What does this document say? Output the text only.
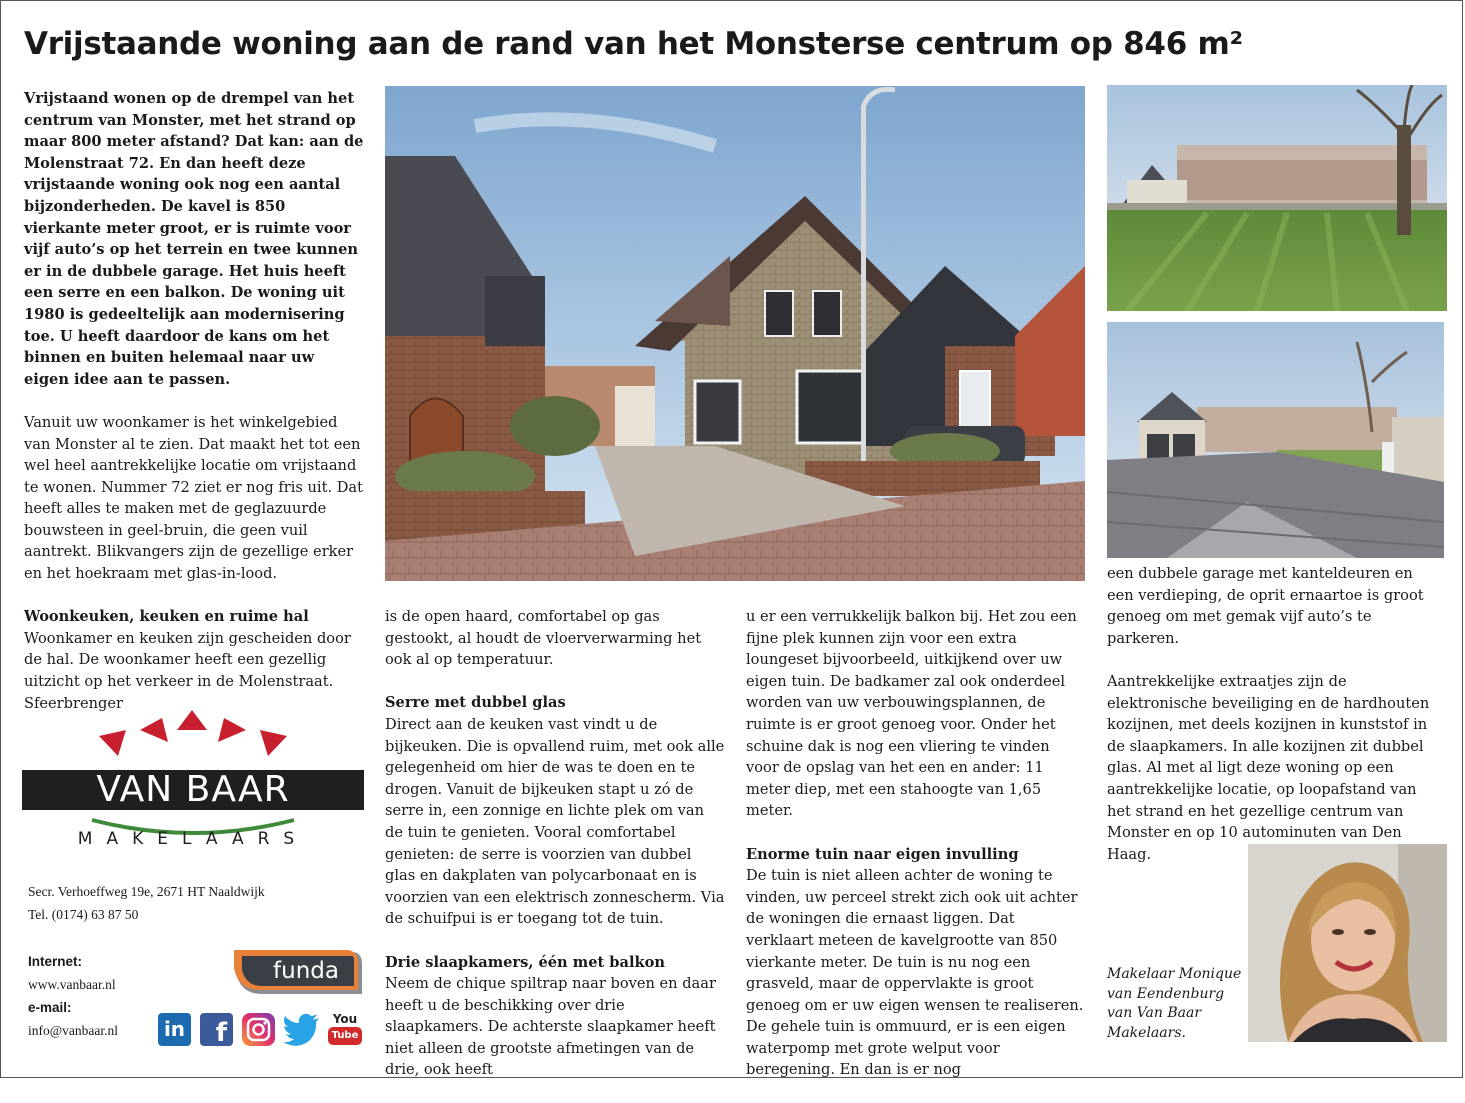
Vrijstaande woning aan de rand van het Monsterse centrum op 846 m²

Vrijstaand wonen op de drempel van het centrum van Monster, met het strand op maar 800 meter afstand? Dat kan: aan de Molenstraat 72. En dan heeft deze vrijstaande woning ook nog een aantal bijzonderheden. De kavel is 850 vierkante meter groot, er is ruimte voor vijf auto’s op het terrein en twee kunnen er in de dubbele garage. Het huis heeft een serre en een balkon. De woning uit 1980 is gedeeltelijk aan modernisering toe. U heeft daardoor de kans om het binnen en buiten helemaal naar uw eigen idee aan te passen.

Vanuit uw woonkamer is het winkelgebied van Monster al te zien. Dat maakt het tot een wel heel aantrekkelijke locatie om vrijstaand te wonen. Nummer 72 ziet er nog fris uit. Dat heeft alles te maken met de geglazuurde bouwsteen in geel-bruin, die geen vuil aantrekt. Blikvangers zijn de gezellige erker en het hoekraam met glas-in-lood.

Woonkeuken, keuken en ruime hal

Woonkamer en keuken zijn gescheiden door de hal. De woonkamer heeft een gezellig uitzicht op het verkeer in de Molenstraat. Sfeerbrenger

is de open haard, comfortabel op gas gestookt, al houdt de vloerverwarming het ook al op temperatuur.

Serre met dubbel glas

Direct aan de keuken vast vindt u de bijkeuken. Die is opvallend ruim, met ook alle gelegenheid om hier de was te doen en te drogen. Vanuit de bijkeuken stapt u zó de serre in, een zonnige en lichte plek om van de tuin te genieten. Vooral comfortabel genieten: de serre is voorzien van dubbel glas en dakplaten van polycarbonaat en is voorzien van een elektrisch zonnescherm. Via de schuifpui is er toegang tot de tuin.

Drie slaapkamers, één met balkon

Neem de chique spiltrap naar boven en daar heeft u de beschikking over drie slaapkamers. De achterste slaapkamer heeft niet alleen de grootste afmetingen van de drie, ook heeft

u er een verrukkelijk balkon bij. Het zou een fijne plek kunnen zijn voor een extra loungeset bijvoorbeeld, uitkijkend over uw eigen tuin. De badkamer zal ook onderdeel worden van uw verbouwingsplannen, de ruimte is er groot genoeg voor. Onder het schuine dak is nog een vliering te vinden voor de opslag van het een en ander: 11 meter diep, met een stahoogte van 1,65 meter.

Enorme tuin naar eigen invulling

De tuin is niet alleen achter de woning te vinden, uw perceel strekt zich ook uit achter de woningen die ernaast liggen. Dat verklaart meteen de kavelgrootte van 850 vierkante meter. De tuin is nu nog een grasveld, maar de oppervlakte is groot genoeg om er uw eigen wensen te realiseren. De gehele tuin is ommuurd, er is een eigen waterpomp met grote welput voor beregening. En dan is er nog

een dubbele garage met kanteldeuren en een verdieping, de oprit ernaartoe is groot genoeg om met gemak vijf auto’s te parkeren.

Aantrekkelijke extraatjes zijn de elektronische beveiliging en de hardhouten kozijnen, met deels kozijnen in kunststof in de slaapkamers. In alle kozijnen zit dubbel glas. Al met al ligt deze woning op een aantrekkelijke locatie, op loopafstand van het strand en het gezellige centrum van Monster en op 10 autominuten van Den Haag.

Makelaar Monique van Eendenburg van Van Baar Makelaars.
VAN BAAR
MAKELAARS
Secr. Verhoeffweg 19e, 2671 HT Naaldwijk
Tel. (0174) 63 87 50
Internet:
www.vanbaar.nl
e-mail:
info@vanbaar.nl
funda
in	f	You
Tube
